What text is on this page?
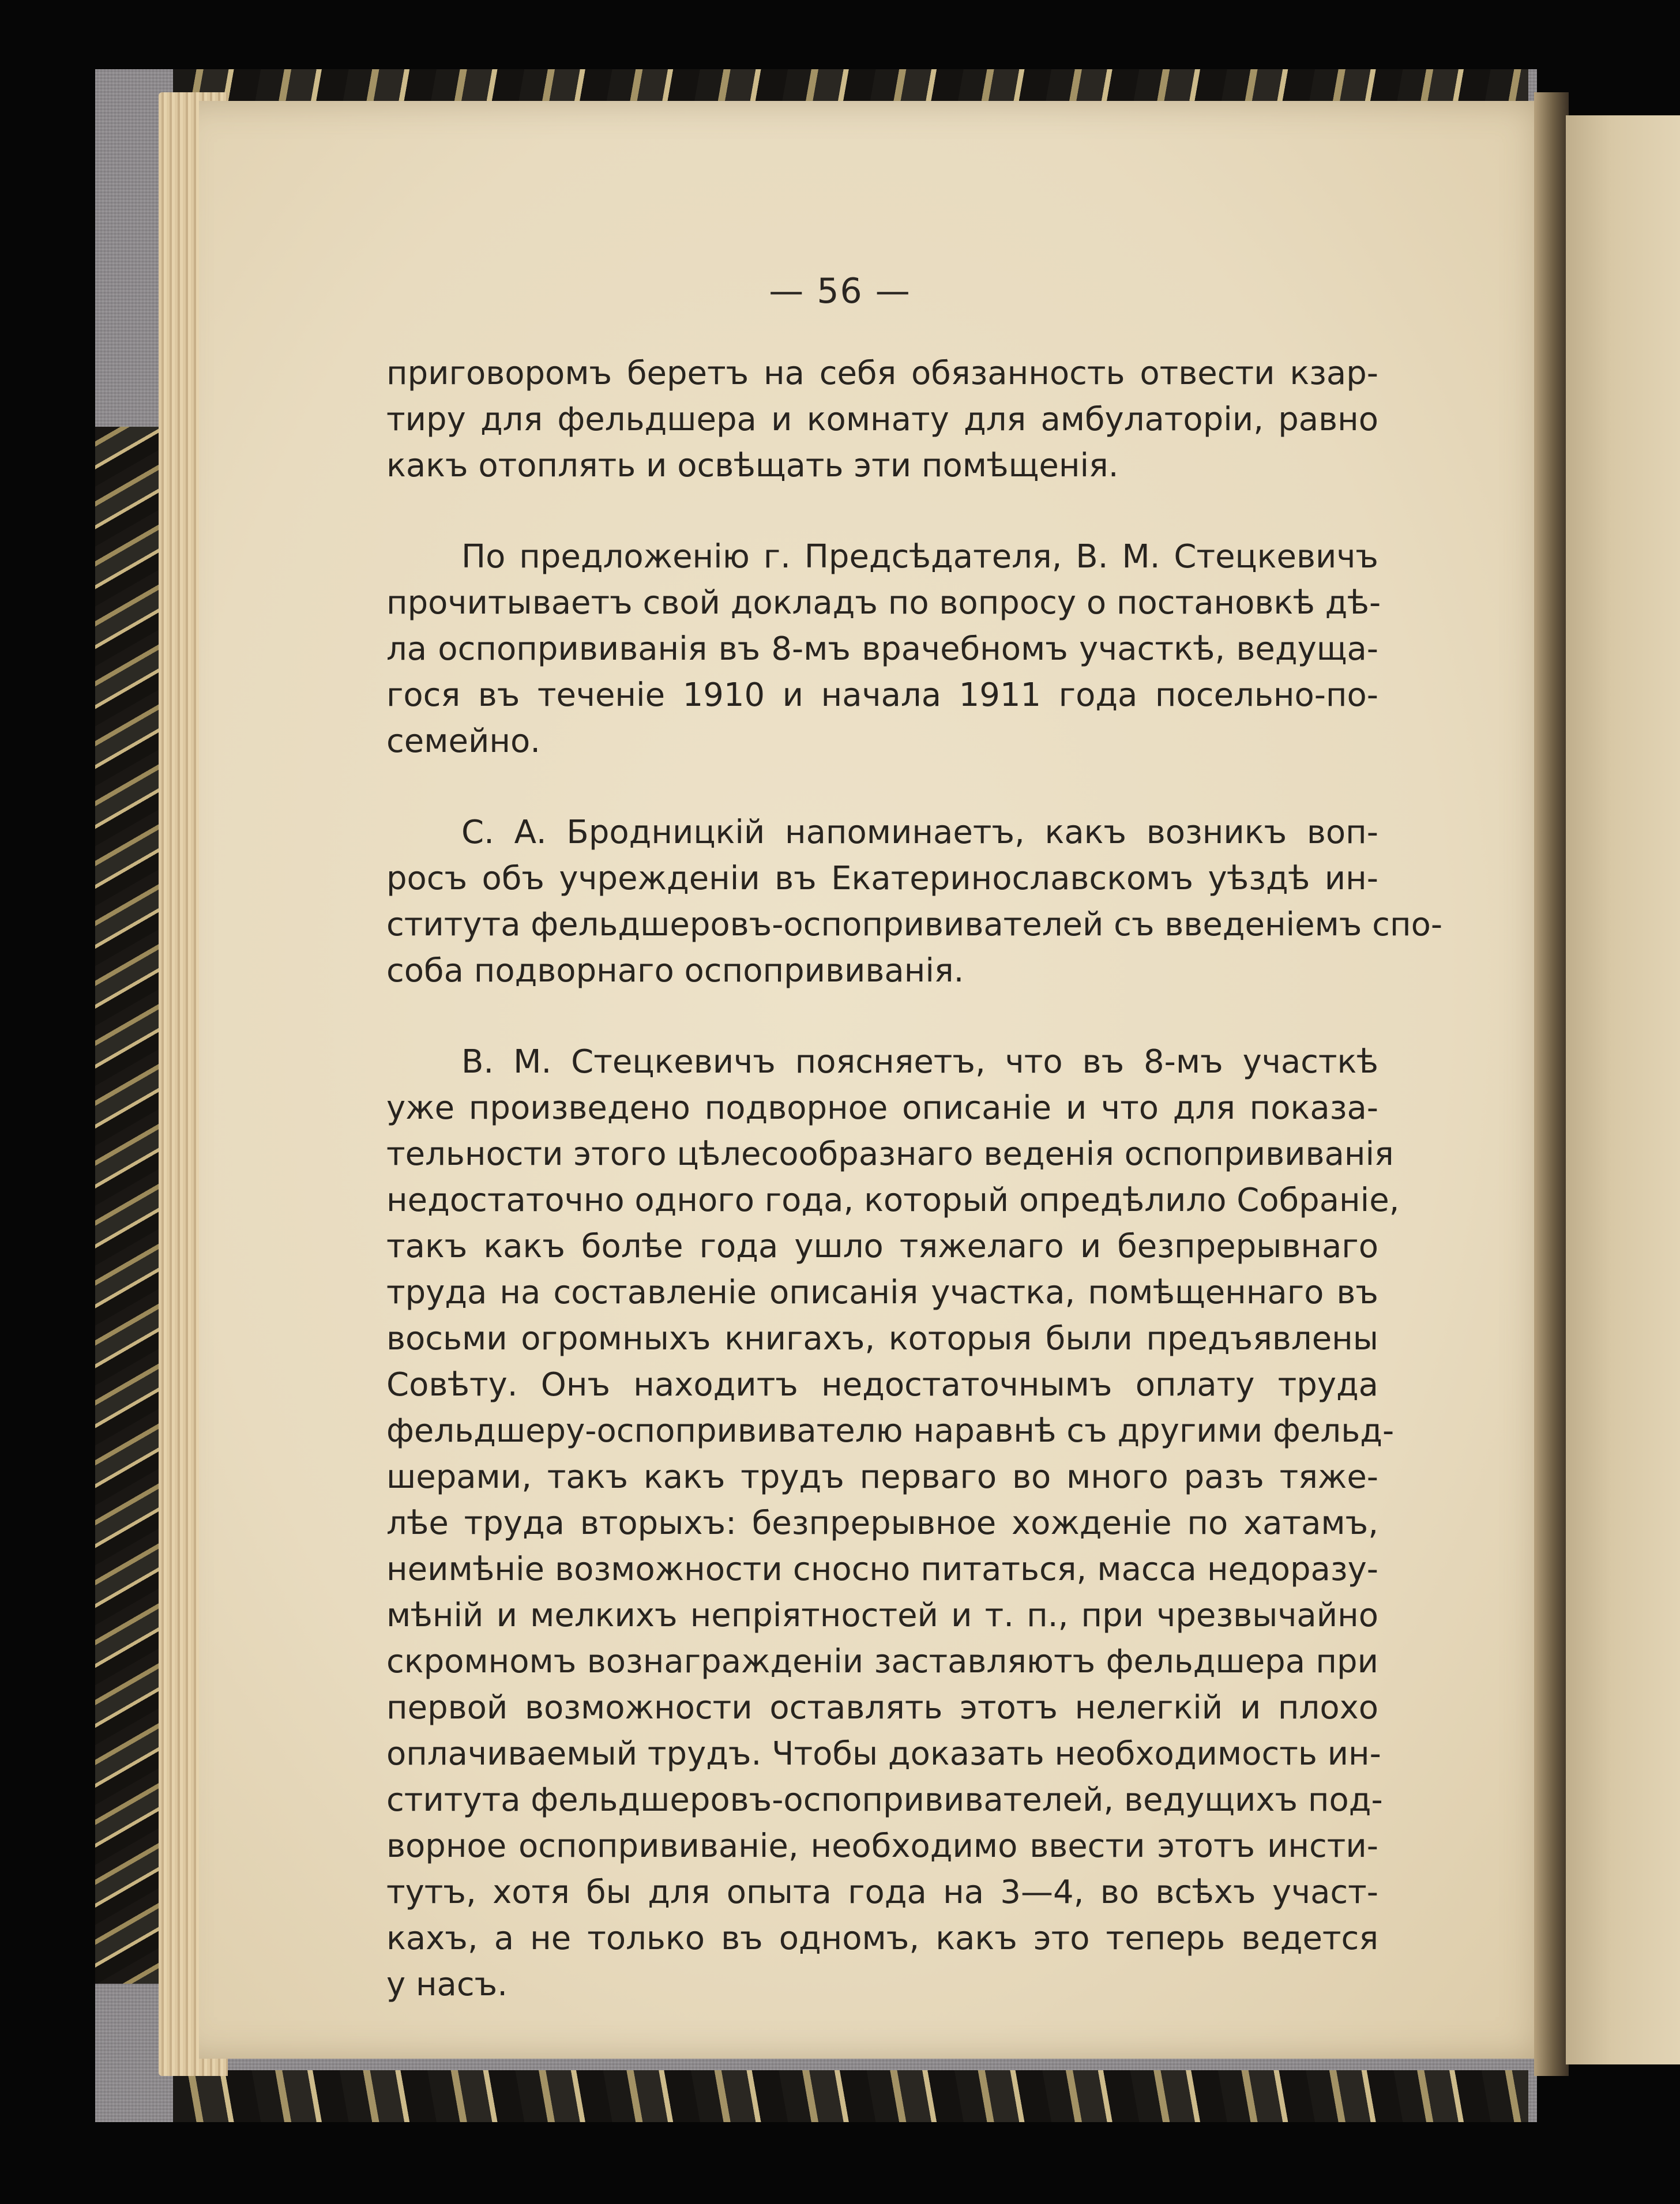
— 56 —
приговоромъ беретъ на себя обязанность отвести кзар-
тиру для фельдшера и комнату для амбулаторіи, равно
какъ отоплять и освѣщать эти помѣщенія.
По предложенію г. Предсѣдателя, В. М. Стецкевичъ
прочитываетъ свой докладъ по вопросу о постановкѣ дѣ-
ла оспопрививанія въ 8-мъ врачебномъ участкѣ, ведуща-
гося въ теченіе 1910 и начала 1911 года посельно-по-
семейно.
С. А. Бродницкій напоминаетъ, какъ возникъ воп-
росъ объ учрежденіи въ Екатеринославскомъ уѣздѣ ин-
ститута фельдшеровъ-оспопрививателей съ введеніемъ спо-
соба подворнаго оспопрививанія.
В. М. Стецкевичъ поясняетъ, что въ 8-мъ участкѣ
уже произведено подворное описаніе и что для показа-
тельности этого цѣлесообразнаго веденія оспопрививанія
недостаточно одного года, который опредѣлило Собраніе,
такъ какъ болѣе года ушло тяжелаго и безпрерывнаго
труда на составленіе описанія участка, помѣщеннаго въ
восьми огромныхъ книгахъ, которыя были предъявлены
Совѣту. Онъ находитъ недостаточнымъ оплату труда
фельдшеру-оспопрививателю наравнѣ съ другими фельд-
шерами, такъ какъ трудъ перваго во много разъ тяже-
лѣе труда вторыхъ: безпрерывное хожденіе по хатамъ,
неимѣніе возможности сносно питаться, масса недоразу-
мѣній и мелкихъ непріятностей и т. п., при чрезвычайно
скромномъ вознагражденіи заставляютъ фельдшера при
первой возможности оставлять этотъ нелегкій и плохо
оплачиваемый трудъ. Чтобы доказать необходимость ин-
ститута фельдшеровъ-оспопрививателей, ведущихъ под-
ворное оспопрививаніе, необходимо ввести этотъ инсти-
тутъ, хотя бы для опыта года на 3—4, во всѣхъ участ-
кахъ, а не только въ одномъ, какъ это теперь ведется
у насъ.
